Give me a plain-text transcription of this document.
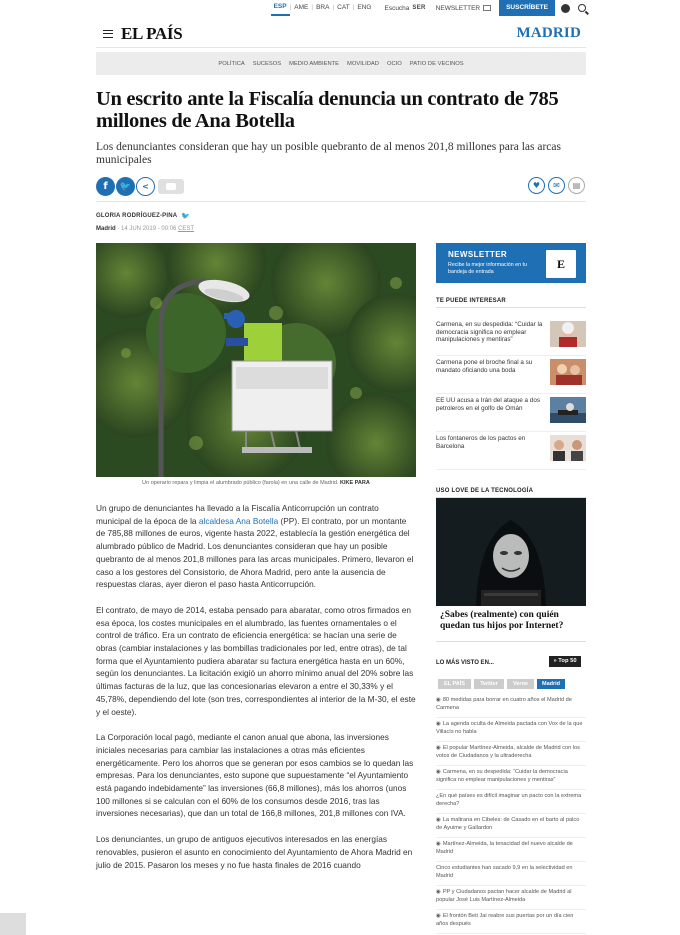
ESP | AME | BRA | CAT | ENG	Escucha SER NEWSLETTER	SUSCRÍBETE
EL PAÍS	MADRID
POLÍTICA SUCESOS MEDIO AMBIENTE MOVILIDAD OCIO PATIO DE VECINOS
Un escrito ante la Fiscalía denuncia un contrato de 785 millones de Ana Botella
Los denunciantes consideran que hay un posible quebranto de al menos 201,8 millones para las arcas municipales
f	🐦	<	♥	✉	▤
GLORIA RODRÍGUEZ-PINA 🐦
Madrid · 14 JUN 2019 - 00:06 CEST
Un operario repara y limpia el alumbrado público (farola) en una calle de Madrid. KIKE PARA

Un grupo de denunciantes ha llevado a la Fiscalía Anticorrupción un contrato municipal de la época de la alcaldesa Ana Botella (PP). El contrato, por un montante de 785,88 millones de euros, vigente hasta 2022, establecía la gestión energética del alumbrado público de Madrid. Los denunciantes consideran que hay un posible quebranto de al menos 201,8 millones para las arcas municipales. Primero, llevaron el caso a los gestores del Consistorio, de Ahora Madrid, pero ante la ausencia de respuestas claras, ayer dieron el paso hasta Anticorrupción.

El contrato, de mayo de 2014, estaba pensado para abaratar, como otros firmados en esa época, los costes municipales en el alumbrado, las fuentes ornamentales o el control de tráfico. Era un contrato de eficiencia energética: se hacían una serie de obras (cambiar instalaciones y las bombillas tradicionales por led, entre otras), de tal forma que el Ayuntamiento pudiera abaratar su factura energética hasta en un 60%, según los denunciantes. La licitación exigió un ahorro mínimo anual del 20% sobre las últimas facturas de la luz, que las concesionarias elevaron a entre el 30,33% y el 45,78%, dependiendo del lote (son tres, correspondientes al interior de la M-30, el este y el oeste).

La Corporación local pagó, mediante el canon anual que abona, las inversiones iniciales necesarias para cambiar las instalaciones a otras más eficientes energéticamente. Pero los ahorros que se generan por esos cambios se lo quedan las empresas. Para los denunciantes, esto supone que supuestamente “el Ayuntamiento está pagando indebidamente” las inversiones (66,8 millones), más los ahorros (unos 100 millones si se calculan con el 60% de los consumos desde 2016, tras las inversiones necesarias), que dan un total de 166,8 millones, 201,8 millones con IVA.

Los denunciantes, un grupo de antiguos ejecutivos interesados en las energías renovables, pusieron el asunto en conocimiento del Ayuntamiento de Ahora Madrid en julio de 2015. Pasaron los meses y no fue hasta finales de 2016 cuando

NEWSLETTER
Recibe la mejor información en tu bandeja de entrada
E
TE PUEDE INTERESAR
Carmena, en su despedida: “Cuidar la democracia significa no emplear manipulaciones y mentiras”
Carmena pone el broche final a su mandato oficiando una boda
EE UU acusa a Irán del ataque a dos petroleros en el golfo de Omán
Los fontaneros de los pactos en Barcelona
USO LOVE DE LA TECNOLOGÍA
¿Sabes (realmente) con quién quedan tus hijos por Internet?
LO MÁS VISTO EN...	» Top 50
EL PAÍS	Twitter	Verne	Madrid
◉ 80 medidas para borrar en cuatro años el Madrid de Carmena
◉ La agenda oculta de Almeida pactada con Vox de la que Villacís no habla
◉ El popular Martínez-Almeida, alcalde de Madrid con los votos de Ciudadanos y la ultraderecha
◉ Carmena, en su despedida: “Cuidar la democracia significa no emplear manipulaciones y mentiras”
¿En qué países es difícil imaginar un pacto con la extrema derecha?
◉ La maltrana en Cibeles: de Casado en el barto al palco de Ayuime y Gallardon
◉ Martínez-Almeida, la tenacidad del nuevo alcalde de Madrid
Cinco estudiantes han sacado 9,9 en la selectividad en Madrid
◉ PP y Ciudadanos pactan hacer alcalde de Madrid al popular José Luis Martínez-Almeida
◉ El frontón Beti Jai reabre sus puertas por un día cien años después
